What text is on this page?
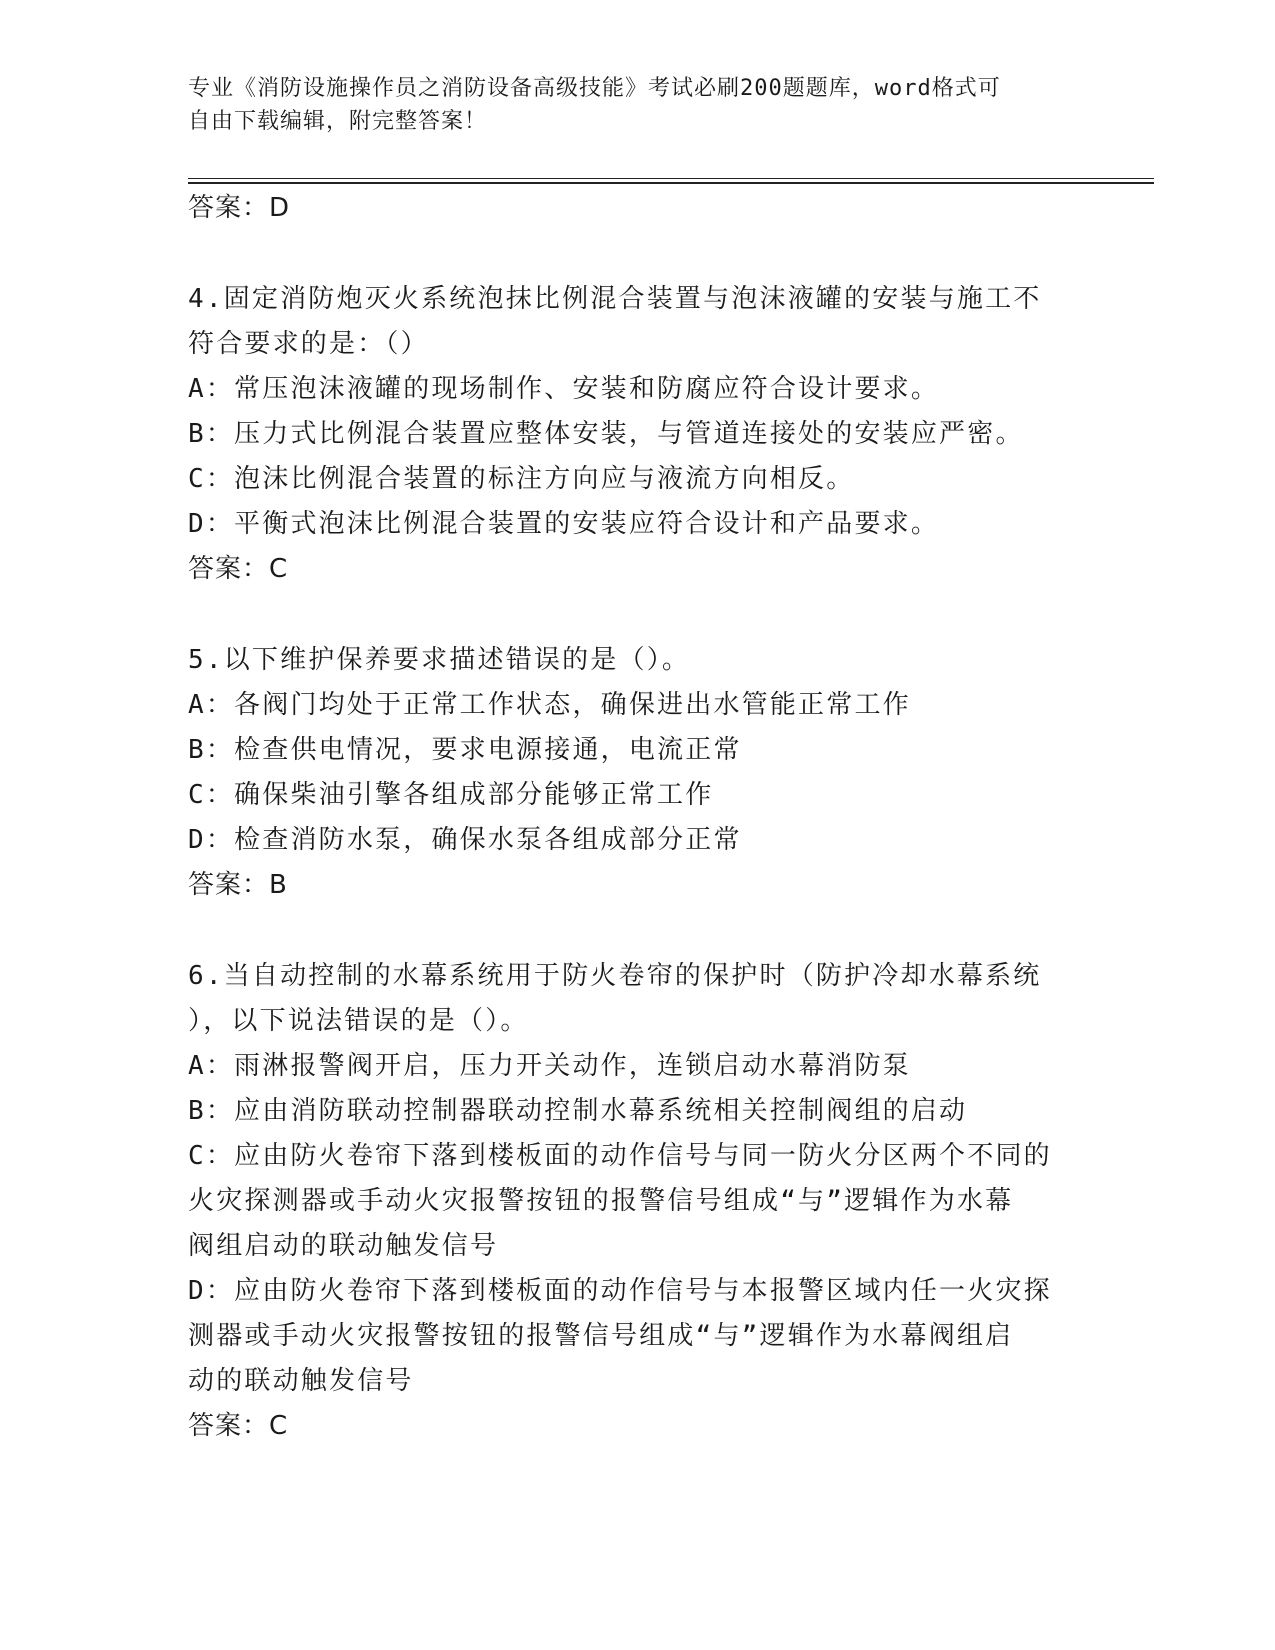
专业《消防设施操作员之消防设备高级技能》考试必刷200题题库，word格式可
自由下载编辑，附完整答案！
答案：D
4.固定消防炮灭火系统泡抹比例混合装置与泡沫液罐的安装与施工不
符合要求的是：（）
A：常压泡沫液罐的现场制作、安装和防腐应符合设计要求。
B：压力式比例混合装置应整体安装，与管道连接处的安装应严密。
C：泡沫比例混合装置的标注方向应与液流方向相反。
D：平衡式泡沫比例混合装置的安装应符合设计和产品要求。
答案：C
5.以下维护保养要求描述错误的是（）。
A：各阀门均处于正常工作状态，确保进出水管能正常工作
B：检查供电情况，要求电源接通，电流正常
C：确保柴油引擎各组成部分能够正常工作
D：检查消防水泵，确保水泵各组成部分正常
答案：B
6.当自动控制的水幕系统用于防火卷帘的保护时（防护冷却水幕系统
），以下说法错误的是（）。
A：雨淋报警阀开启，压力开关动作，连锁启动水幕消防泵
B：应由消防联动控制器联动控制水幕系统相关控制阀组的启动
C：应由防火卷帘下落到楼板面的动作信号与同一防火分区两个不同的
火灾探测器或手动火灾报警按钮的报警信号组成“与”逻辑作为水幕
阀组启动的联动触发信号
D：应由防火卷帘下落到楼板面的动作信号与本报警区域内任一火灾探
测器或手动火灾报警按钮的报警信号组成“与”逻辑作为水幕阀组启
动的联动触发信号
答案：C
